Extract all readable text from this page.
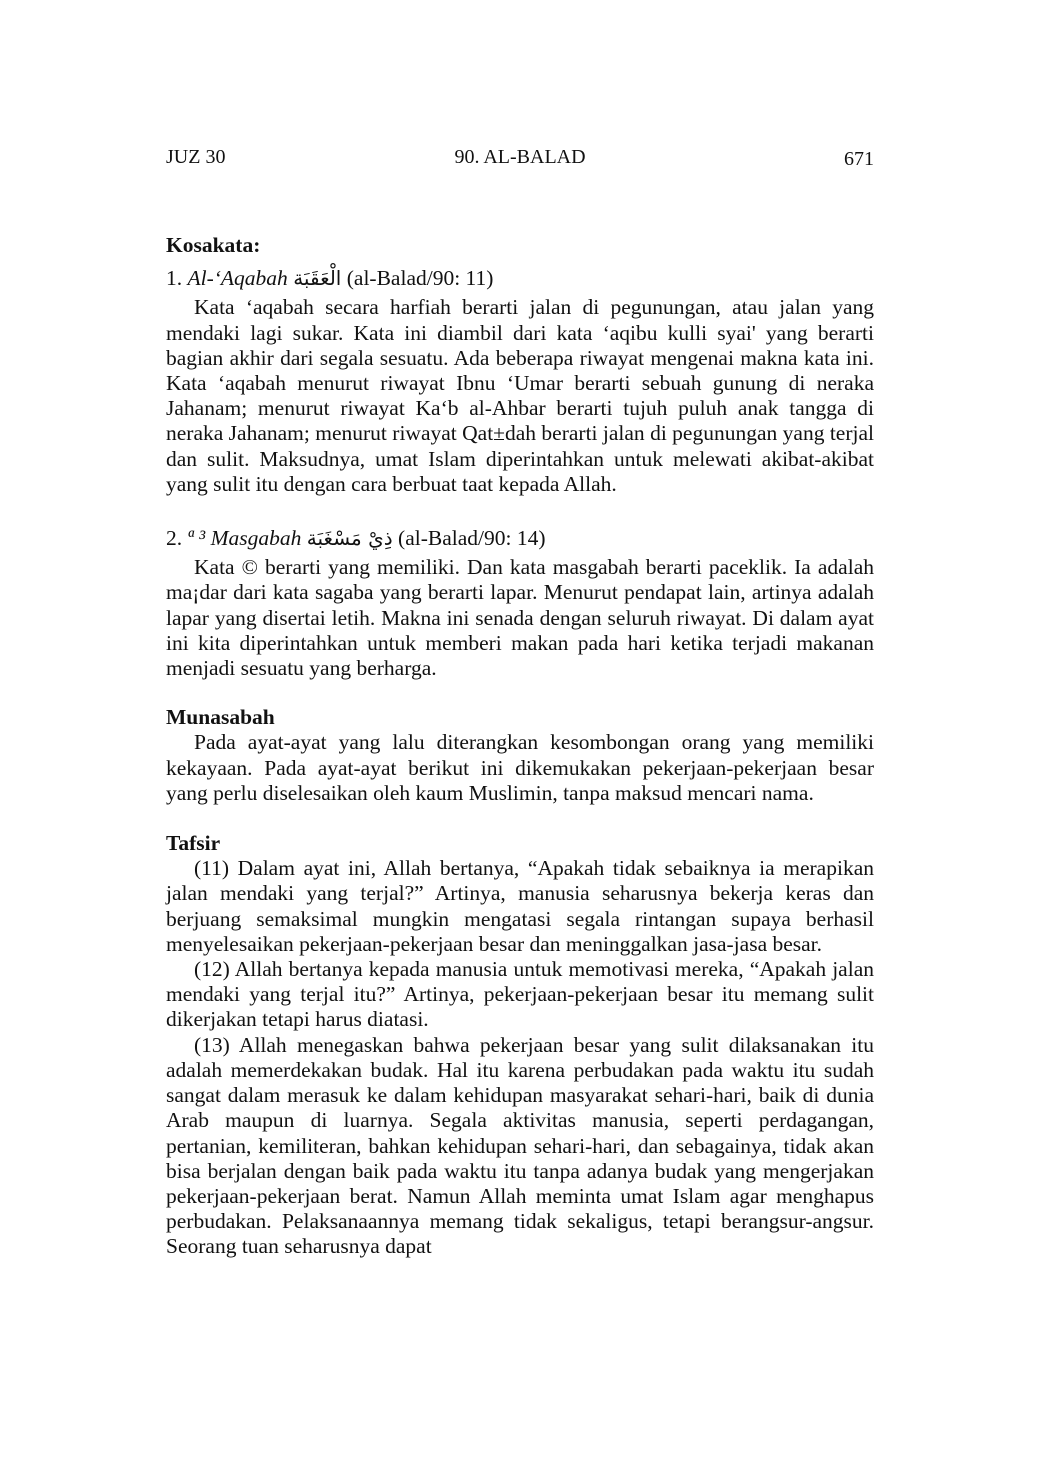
JUZ 30	90. AL-BALAD	671
Kosakata:
1. Al-‘Aqabah الْعَقَبَة (al-Balad/90: 11)

Kata ‘aqabah secara harfiah berarti jalan di pegunungan, atau jalan yang mendaki lagi sukar. Kata ini diambil dari kata ‘aqibu kulli syai' yang berarti bagian akhir dari segala sesuatu. Ada beberapa riwayat mengenai makna kata ini. Kata ‘aqabah menurut riwayat Ibnu ‘Umar berarti sebuah gunung di neraka Jahanam; menurut riwayat Ka‘b al-Ahbar berarti tujuh puluh anak tangga di neraka Jahanam; menurut riwayat Qat±dah berarti jalan di pegunungan yang terjal dan sulit. Maksudnya, umat Islam diperintahkan untuk melewati akibat-akibat yang sulit itu dengan cara berbuat taat kepada Allah.

2. ª ³ Masgabah ذِيْ مَسْغَبَة (al-Balad/90: 14)

Kata © berarti yang memiliki. Dan kata masgabah berarti paceklik. Ia adalah ma¡dar dari kata sagaba yang berarti lapar. Menurut pendapat lain, artinya adalah lapar yang disertai letih. Makna ini senada dengan seluruh riwayat. Di dalam ayat ini kita diperintahkan untuk memberi makan pada hari ketika terjadi makanan menjadi sesuatu yang berharga.

Munasabah

Pada ayat-ayat yang lalu diterangkan kesombongan orang yang memiliki kekayaan. Pada ayat-ayat berikut ini dikemukakan pekerjaan-pekerjaan besar yang perlu diselesaikan oleh kaum Muslimin, tanpa maksud mencari nama.

Tafsir

(11) Dalam ayat ini, Allah bertanya, “Apakah tidak sebaiknya ia merapikan jalan mendaki yang terjal?” Artinya, manusia seharusnya bekerja keras dan berjuang semaksimal mungkin mengatasi segala rintangan supaya berhasil menyelesaikan pekerjaan-pekerjaan besar dan meninggalkan jasa-jasa besar.

(12) Allah bertanya kepada manusia untuk memotivasi mereka, “Apakah jalan mendaki yang terjal itu?” Artinya, pekerjaan-pekerjaan besar itu memang sulit dikerjakan tetapi harus diatasi.

(13) Allah menegaskan bahwa pekerjaan besar yang sulit dilaksanakan itu adalah memerdekakan budak. Hal itu karena perbudakan pada waktu itu sudah sangat dalam merasuk ke dalam kehidupan masyarakat sehari-hari, baik di dunia Arab maupun di luarnya. Segala aktivitas manusia, seperti perdagangan, pertanian, kemiliteran, bahkan kehidupan sehari-hari, dan sebagainya, tidak akan bisa berjalan dengan baik pada waktu itu tanpa adanya budak yang mengerjakan pekerjaan-pekerjaan berat. Namun Allah meminta umat Islam agar menghapus perbudakan. Pelaksanaannya memang tidak sekaligus, tetapi berangsur-angsur. Seorang tuan seharusnya dapat
